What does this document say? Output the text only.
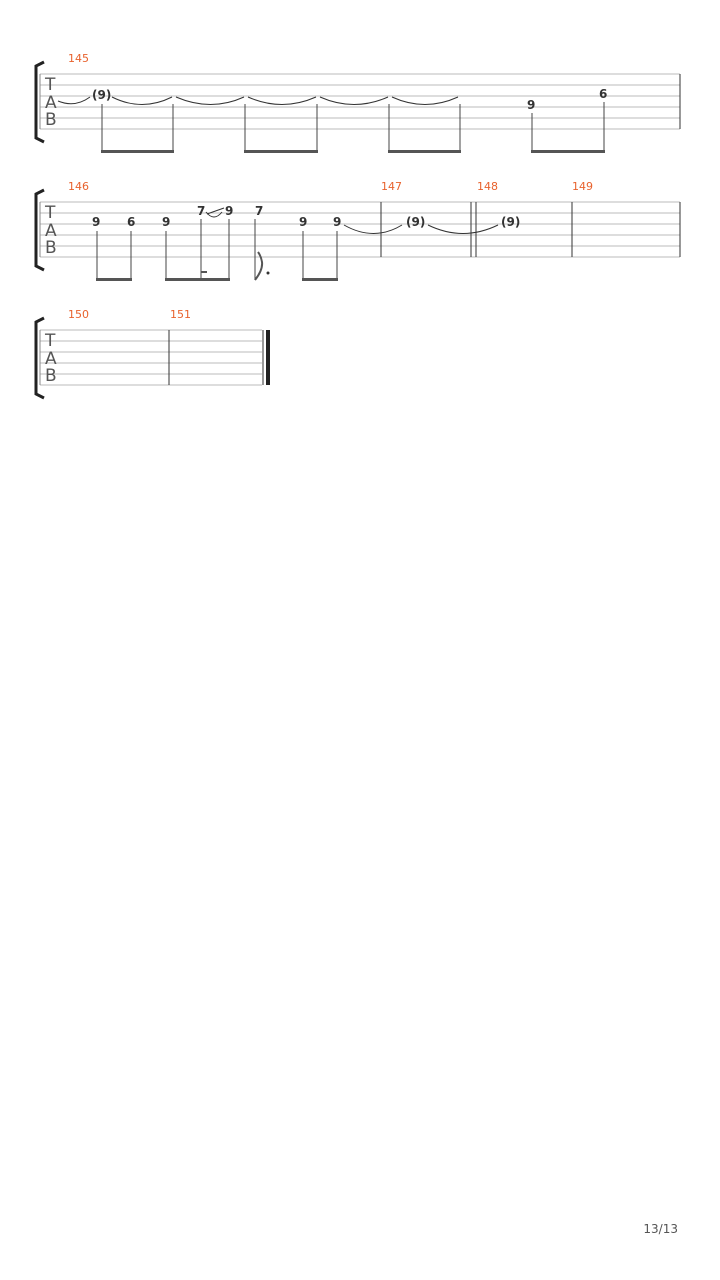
T
A
B
145
(9)
9
6
T
A
B
146	147	148	149
9 6 9
7 9 7
9 9	(9)	(9)
T
A
B
150	151
13/13
